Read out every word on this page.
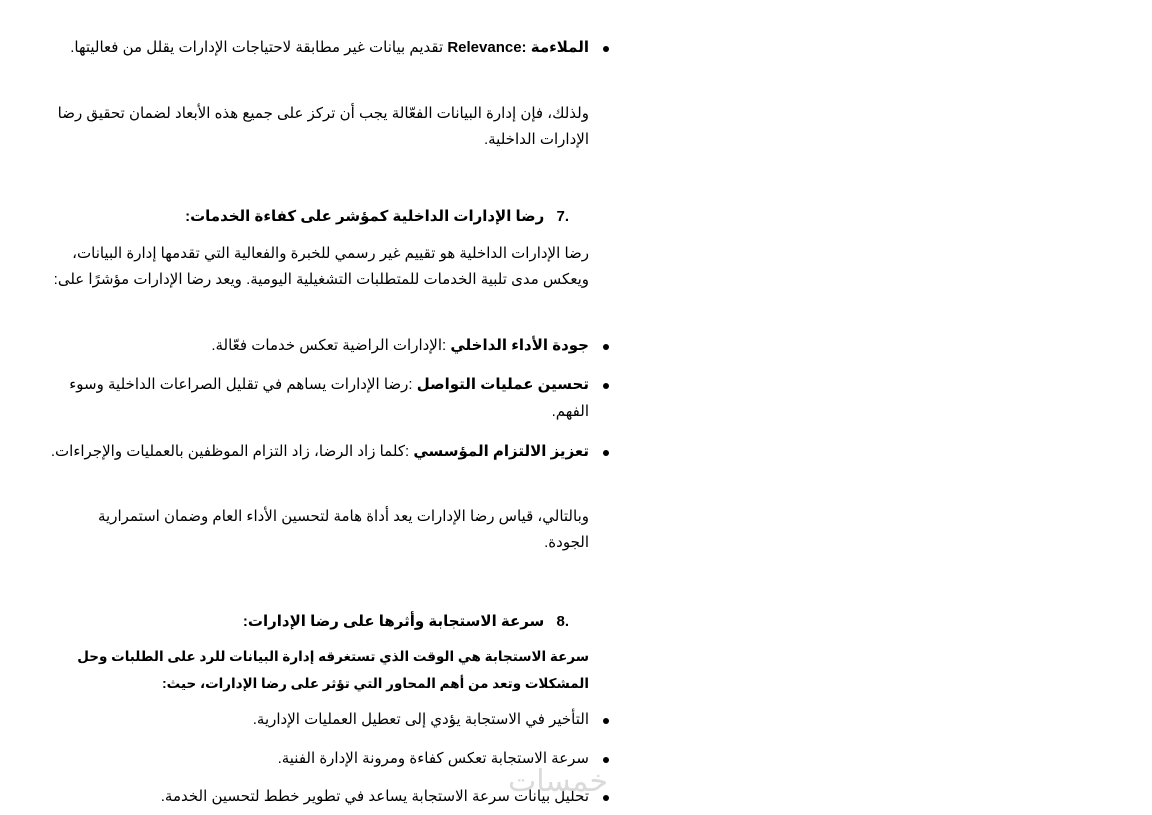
الملاءمة Relevance: تقديم بيانات غير مطابقة لاحتياجات الإدارات يقلل من فعاليتها.

ولذلك، فإن إدارة البيانات الفعّالة يجب أن تركز على جميع هذه الأبعاد لضمان تحقيق رضا الإدارات الداخلية.

.7 رضا الإدارات الداخلية كمؤشر على كفاءة الخدمات:

رضا الإدارات الداخلية هو تقييم غير رسمي للخبرة والفعالية التي تقدمها إدارة البيانات، ويعكس مدى تلبية الخدمات للمتطلبات التشغيلية اليومية. ويعد رضا الإدارات مؤشرًا على:

جودة الأداء الداخلي :الإدارات الراضية تعكس خدمات فعّالة.

تحسين عمليات التواصل :رضا الإدارات يساهم في تقليل الصراعات الداخلية وسوء الفهم.

تعزيز الالتزام المؤسسي :كلما زاد الرضا، زاد التزام الموظفين بالعمليات والإجراءات.

وبالتالي، قياس رضا الإدارات يعد أداة هامة لتحسين الأداء العام وضمان استمرارية الجودة.

.8 سرعة الاستجابة وأثرها على رضا الإدارات:

سرعة الاستجابة هي الوقت الذي تستغرقه إدارة البيانات للرد على الطلبات وحل المشكلات وتعد من أهم المحاور التي تؤثر على رضا الإدارات، حيث:

التأخير في الاستجابة يؤدي إلى تعطيل العمليات الإدارية.

سرعة الاستجابة تعكس كفاءة ومرونة الإدارة الفنية.

تحليل بيانات سرعة الاستجابة يساعد في تطوير خطط لتحسين الخدمة.

خمسات
